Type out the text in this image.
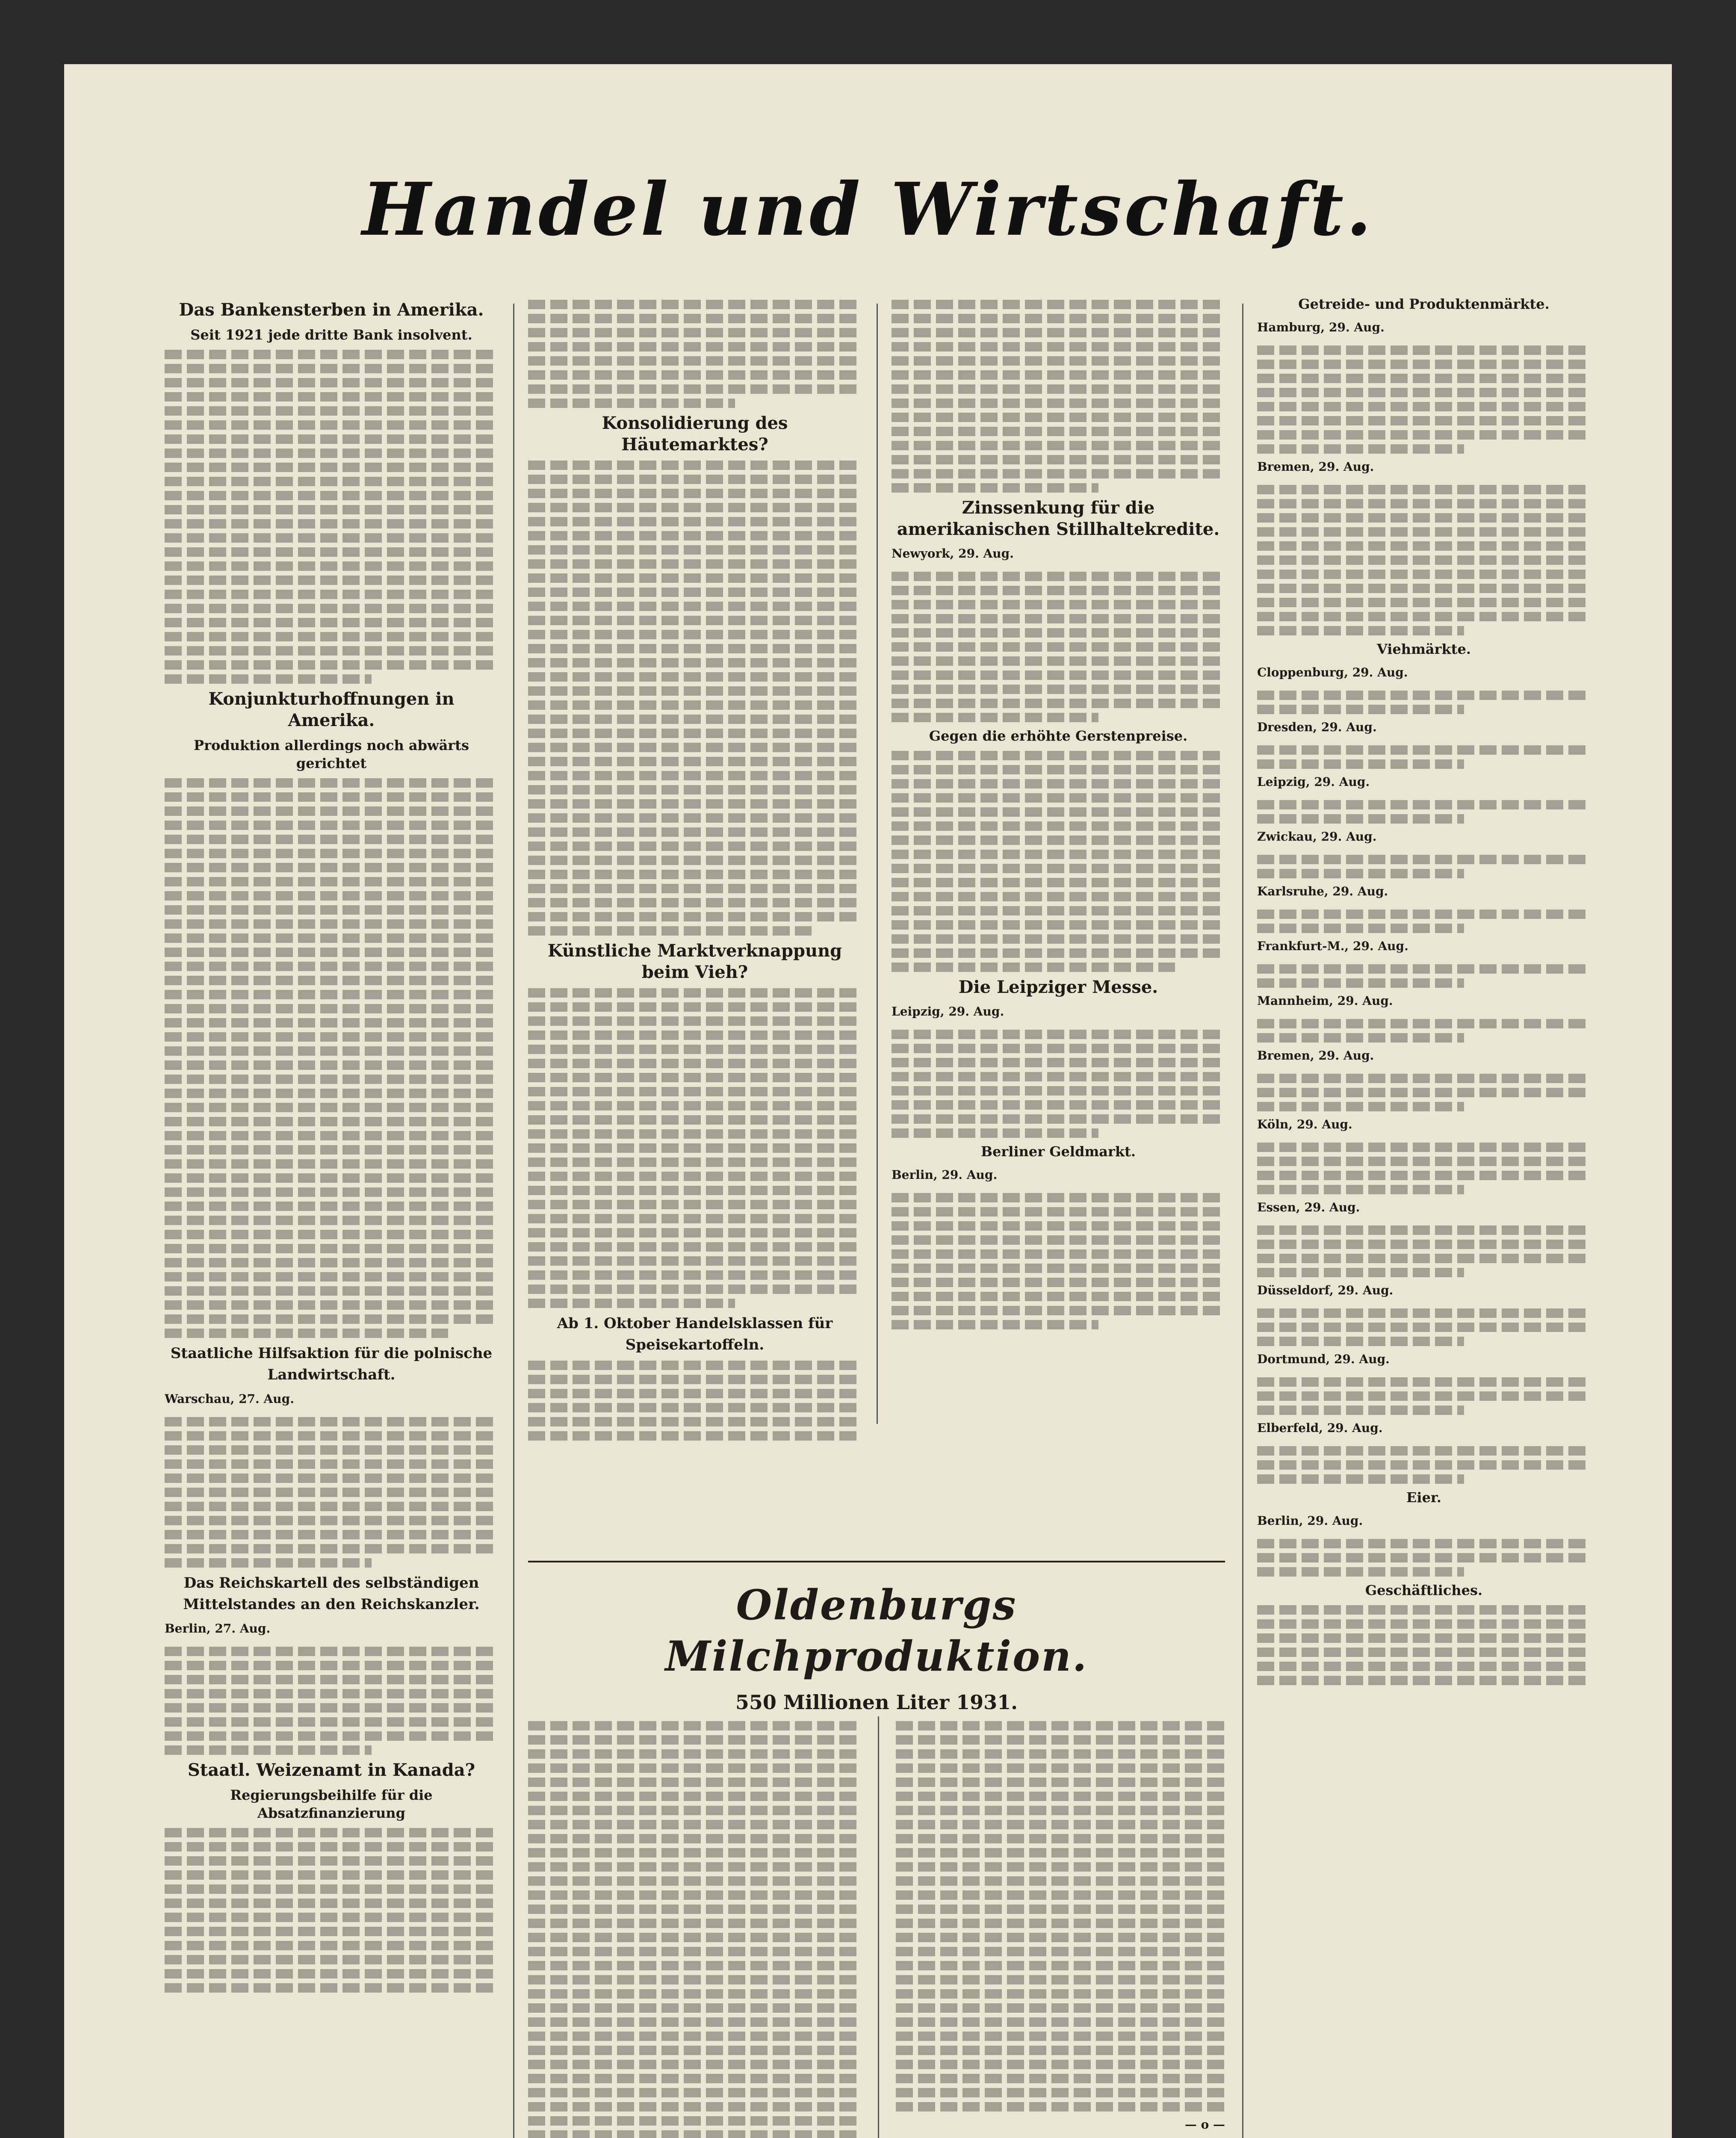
Handel und Wirtschaft.
Das Bankensterben in Amerika.
Seit 1921 jede dritte Bank insolvent.
Konjunkturhoffnungen in Amerika.
Produktion allerdings noch abwärts gerichtet
Staatliche Hilfsaktion für die polnische Landwirtschaft.
Warschau, 27. Aug.
Das Reichskartell des selbständigen Mittelstandes an den Reichskanzler.
Berlin, 27. Aug.
Staatl. Weizenamt in Kanada?
Regierungsbeihilfe für die Absatzfinanzierung
Konsolidierung des Häutemarktes?
Künstliche Marktverknappung beim Vieh?
Ab 1. Oktober Handelsklassen für Speisekartoffeln.
Zinssenkung für die amerikanischen Stillhaltekredite.
Newyork, 29. Aug.
Gegen die erhöhte Gerstenpreise.
Die Leipziger Messe.
Leipzig, 29. Aug.
Berliner Geldmarkt.
Berlin, 29. Aug.
Oldenburgs Milchproduktion.
550 Millionen Liter 1931.
— o —
Getreide- und Produktenmärkte.
Hamburg, 29. Aug.
Bremen, 29. Aug.
Viehmärkte.
Cloppenburg, 29. Aug.
Dresden, 29. Aug.
Leipzig, 29. Aug.
Zwickau, 29. Aug.
Karlsruhe, 29. Aug.
Frankfurt-M., 29. Aug.
Mannheim, 29. Aug.
Bremen, 29. Aug.
Köln, 29. Aug.
Essen, 29. Aug.
Düsseldorf, 29. Aug.
Dortmund, 29. Aug.
Elberfeld, 29. Aug.
Eier.
Berlin, 29. Aug.
Geschäftliches.
